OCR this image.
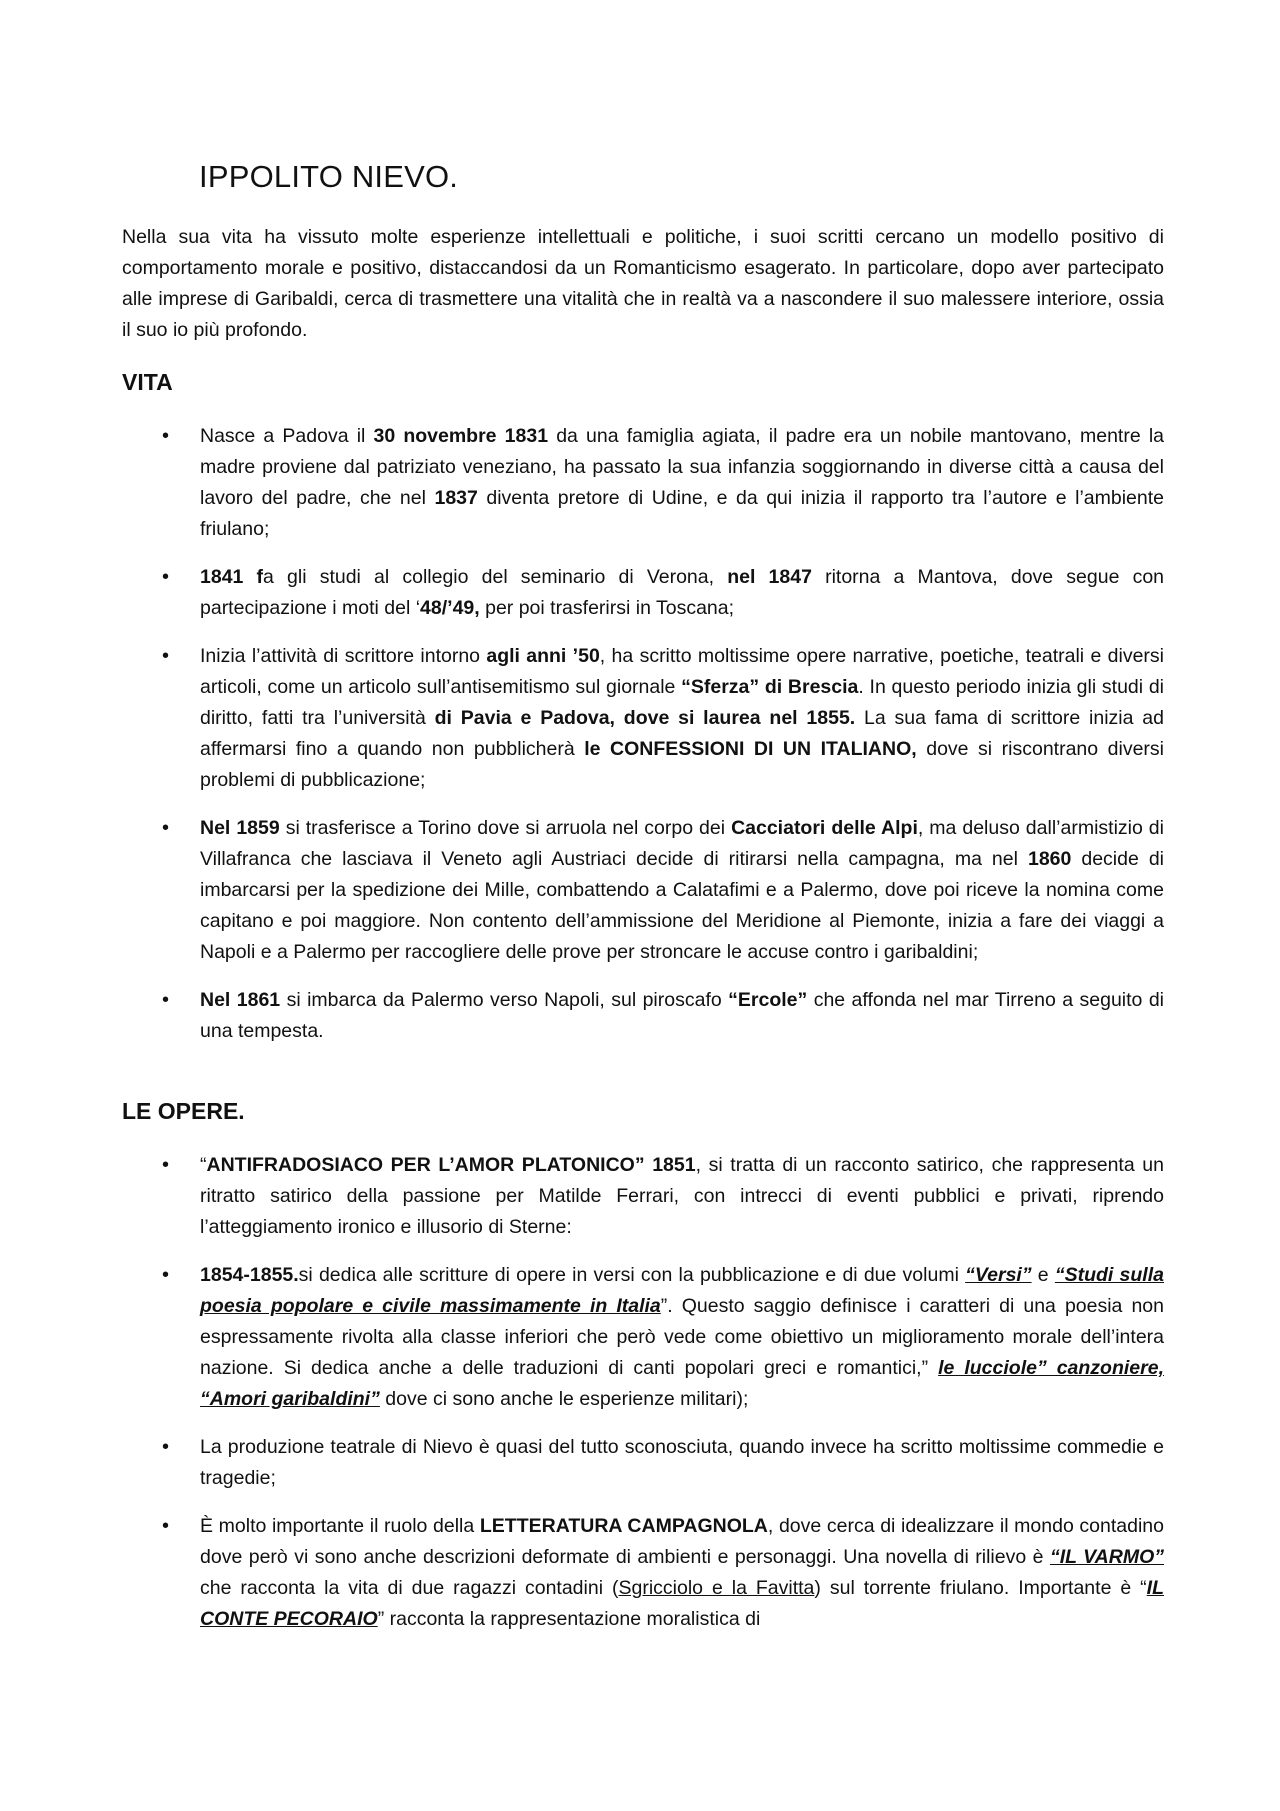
IPPOLITO NIEVO.

Nella sua vita ha vissuto molte esperienze intellettuali e politiche, i suoi scritti cercano un modello positivo di comportamento morale e positivo, distaccandosi da un Romanticismo esagerato. In particolare, dopo aver partecipato alle imprese di Garibaldi, cerca di trasmettere una vitalità che in realtà va a nascondere il suo malessere interiore, ossia il suo io più profondo.

VITA
• Nasce a Padova il 30 novembre 1831 da una famiglia agiata, il padre era un nobile mantovano, mentre la madre proviene dal patriziato veneziano, ha passato la sua infanzia soggiornando in diverse città a causa del lavoro del padre, che nel 1837 diventa pretore di Udine, e da qui inizia il rapporto tra l’autore e l’ambiente friulano;
• 1841 fa gli studi al collegio del seminario di Verona, nel 1847 ritorna a Mantova, dove segue con partecipazione i moti del ‘48/’49, per poi trasferirsi in Toscana;
• Inizia l’attività di scrittore intorno agli anni ’50, ha scritto moltissime opere narrative, poetiche, teatrali e diversi articoli, come un articolo sull’antisemitismo sul giornale “Sferza” di Brescia. In questo periodo inizia gli studi di diritto, fatti tra l’università di Pavia e Padova, dove si laurea nel 1855. La sua fama di scrittore inizia ad affermarsi fino a quando non pubblicherà le CONFESSIONI DI UN ITALIANO, dove si riscontrano diversi problemi di pubblicazione;
• Nel 1859 si trasferisce a Torino dove si arruola nel corpo dei Cacciatori delle Alpi, ma deluso dall’armistizio di Villafranca che lasciava il Veneto agli Austriaci decide di ritirarsi nella campagna, ma nel 1860 decide di imbarcarsi per la spedizione dei Mille, combattendo a Calatafimi e a Palermo, dove poi riceve la nomina come capitano e poi maggiore. Non contento dell’ammissione del Meridione al Piemonte, inizia a fare dei viaggi a Napoli e a Palermo per raccogliere delle prove per stroncare le accuse contro i garibaldini;
• Nel 1861 si imbarca da Palermo verso Napoli, sul piroscafo “Ercole” che affonda nel mar Tirreno a seguito di una tempesta.
LE OPERE.
• “ANTIFRADOSIACO PER L’AMOR PLATONICO” 1851, si tratta di un racconto satirico, che rappresenta un ritratto satirico della passione per Matilde Ferrari, con intrecci di eventi pubblici e privati, riprendo l’atteggiamento ironico e illusorio di Sterne:
• 1854-1855.si dedica alle scritture di opere in versi con la pubblicazione e di due volumi “Versi” e “Studi sulla poesia popolare e civile massimamente in Italia”. Questo saggio definisce i caratteri di una poesia non espressamente rivolta alla classe inferiori che però vede come obiettivo un miglioramento morale dell’intera nazione. Si dedica anche a delle traduzioni di canti popolari greci e romantici,” le lucciole” canzoniere, “Amori garibaldini” dove ci sono anche le esperienze militari);
• La produzione teatrale di Nievo è quasi del tutto sconosciuta, quando invece ha scritto moltissime commedie e tragedie;
• È molto importante il ruolo della LETTERATURA CAMPAGNOLA, dove cerca di idealizzare il mondo contadino dove però vi sono anche descrizioni deformate di ambienti e personaggi. Una novella di rilievo è “IL VARMO” che racconta la vita di due ragazzi contadini (Sgricciolo e la Favitta) sul torrente friulano. Importante è “IL CONTE PECORAIO” racconta la rappresentazione moralistica di
